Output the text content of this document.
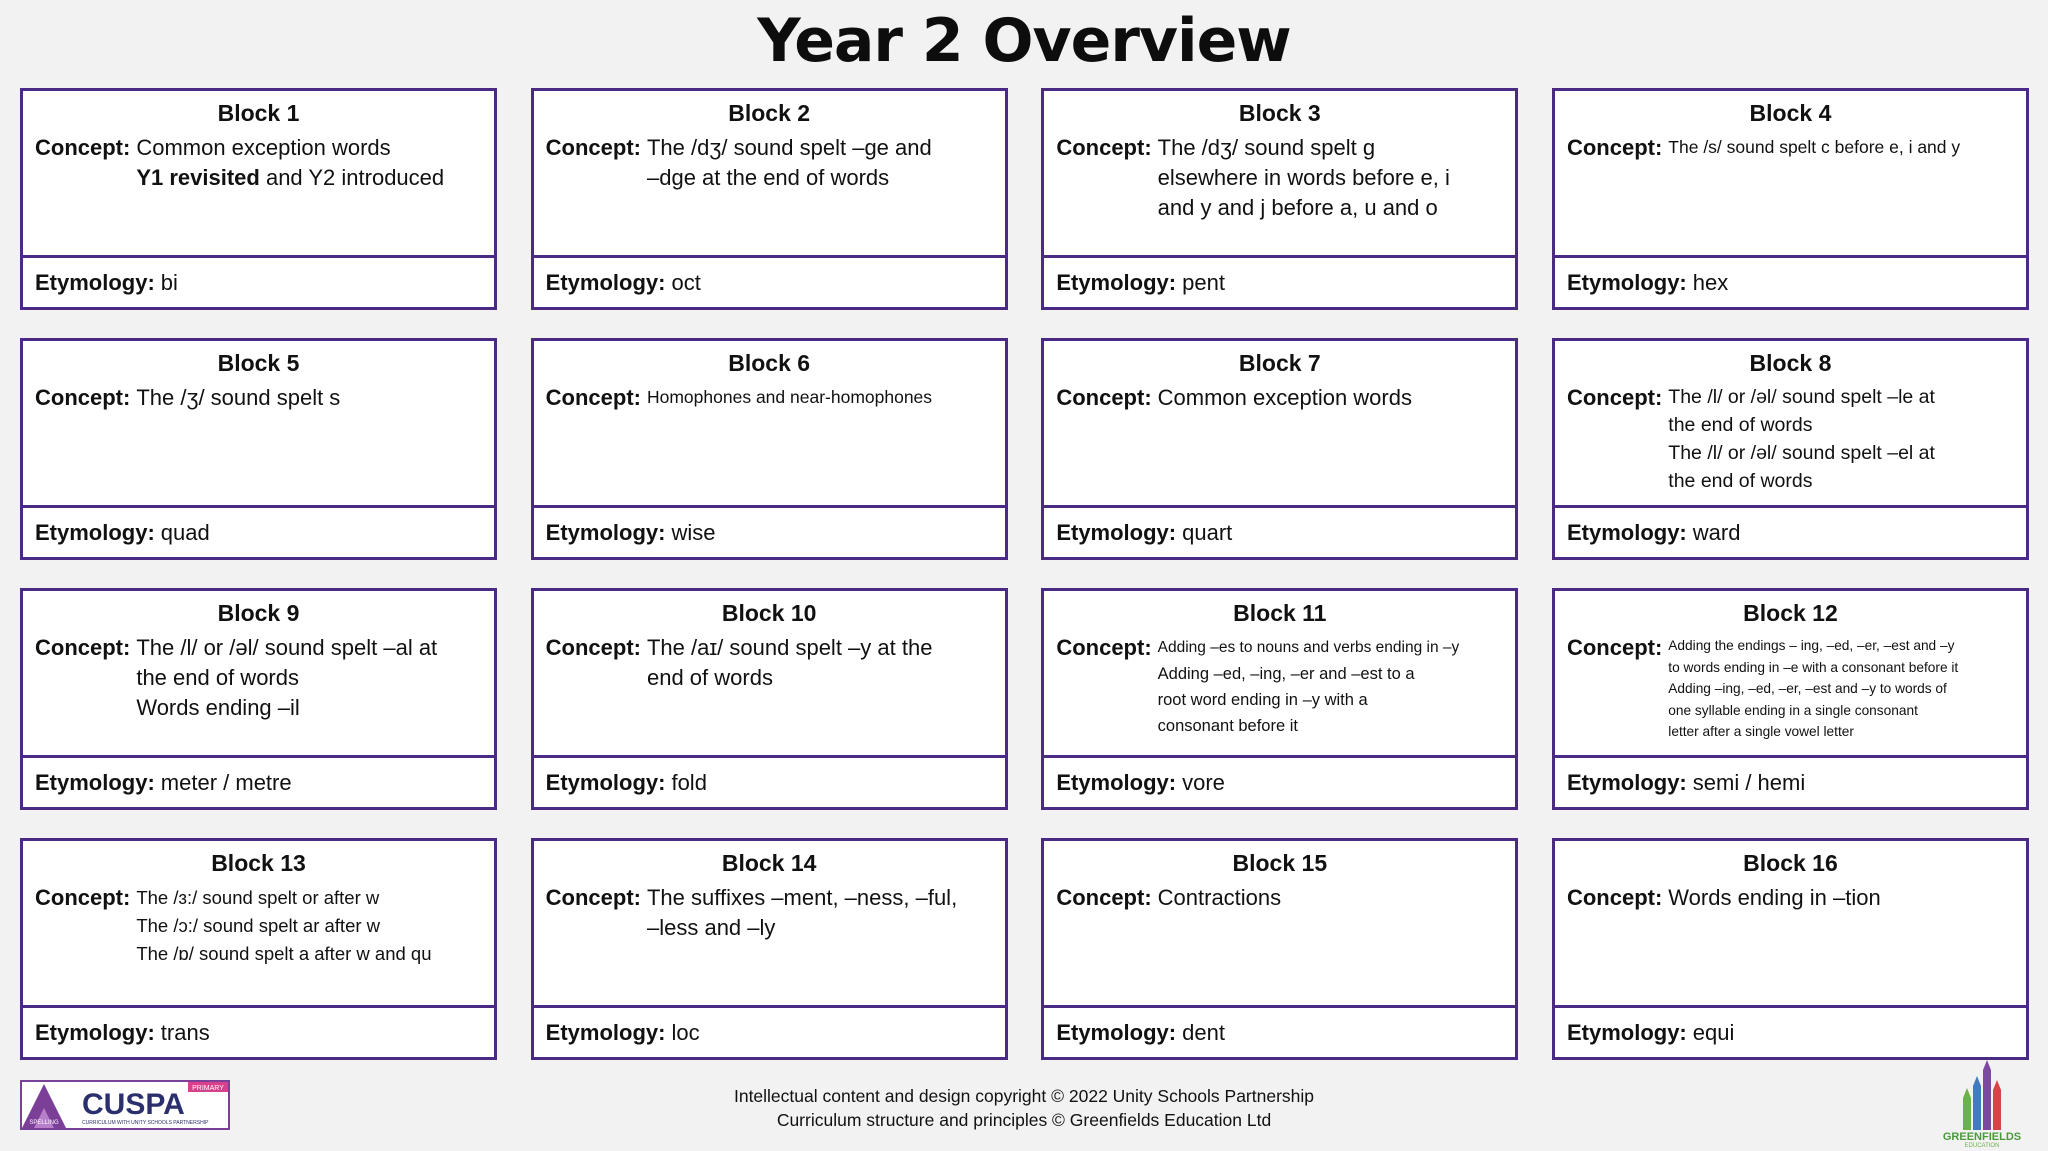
Year 2 Overview
Block 1
Concept: Common exception words
Y1 revisited and Y2 introduced
Etymology: bi
Block 2
Concept: The /dʒ/ sound spelt –ge and
–dge at the end of words
Etymology: oct
Block 3
Concept: The /dʒ/ sound spelt g
elsewhere in words before e, i
and y and j before a, u and o
Etymology: pent
Block 4
Concept: The /s/ sound spelt c before e, i and y
Etymology: hex
Block 5
Concept: The /ʒ/ sound spelt s
Etymology: quad
Block 6
Concept: Homophones and near-homophones
Etymology: wise
Block 7
Concept: Common exception words
Etymology: quart
Block 8
Concept: The /l/ or /əl/ sound spelt –le at
the end of words
The /l/ or /əl/ sound spelt –el at
the end of words
Etymology: ward
Block 9
Concept: The /l/ or /əl/ sound spelt –al at
the end of words
Words ending –il
Etymology: meter / metre
Block 10
Concept: The /aɪ/ sound spelt –y at the
end of words
Etymology: fold
Block 11
Concept: Adding –es to nouns and verbs ending in –y
Adding –ed, –ing, –er and –est to a
root word ending in –y with a
consonant before it
Etymology: vore
Block 12
Concept: Adding the endings – ing, –ed, –er, –est and –y
to words ending in –e with a consonant before it
Adding –ing, –ed, –er, –est and –y to words of
one syllable ending in a single consonant
letter after a single vowel letter
Etymology: semi / hemi
Block 13
Concept: The /ɜ:/ sound spelt or after w
The /ɔ:/ sound spelt ar after w
The /ɒ/ sound spelt a after w and qu
Etymology: trans
Block 14
Concept: The suffixes –ment, –ness, –ful,
–less and –ly
Etymology: loc
Block 15
Concept: Contractions
Etymology: dent
Block 16
Concept: Words ending in –tion
Etymology: equi
SPELLING
PRIMARY
CUSPA
CURRICULUM WITH UNITY SCHOOLS PARTNERSHIP
Intellectual content and design copyright © 2022 Unity Schools Partnership
Curriculum structure and principles © Greenfields Education Ltd
GREENFIELDS
EDUCATION
